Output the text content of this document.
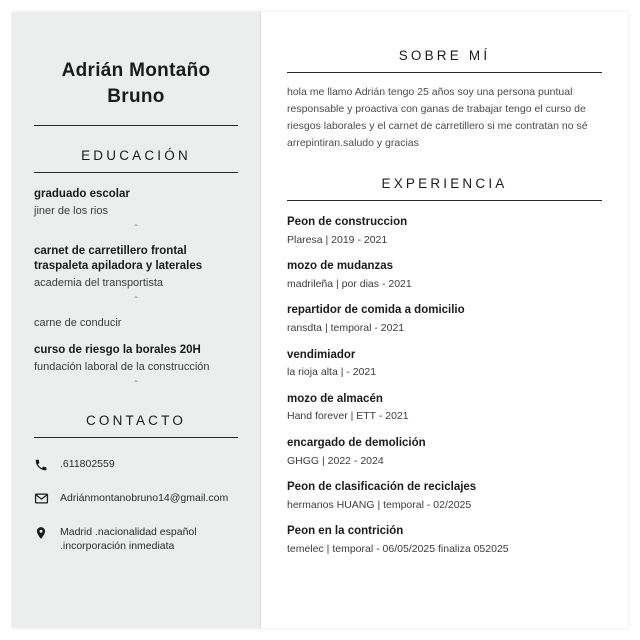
Adrián Montaño
Bruno
EDUCACIÓN
graduado escolar
jiner de los rios
-
carnet de carretillero frontal traspaleta apiladora y laterales
academia del transportista
-
carne de conducir
curso de riesgo la borales 20H
fundación laboral de la construcción
-
CONTACTO
.611802559
Adriánmontanobruno14@gmail.com
Madrid .nacionalidad español .incorporación inmediata
SOBRE MÍ
hola me llamo Adrián tengo 25 años soy una persona puntual responsable y proactiva con ganas de trabajar tengo el curso de riesgos laborales y el carnet de carretillero si me contratan no sé arrepintiran.saludo y gracias
EXPERIENCIA
Peon de construccion
Plaresa | 2019 - 2021
mozo de mudanzas
madrileña | por dias - 2021
repartidor de comida a domicilio
ransdta | temporal - 2021
vendimiador
la rioja alta | - 2021
mozo de almacén
Hand forever | ETT - 2021
encargado de demolición
GHGG | 2022 - 2024
Peon de clasificación de reciclajes
hermanos HUANG | temporal - 02/2025
Peon en la contrición
temelec | temporal - 06/05/2025 finaliza 052025
